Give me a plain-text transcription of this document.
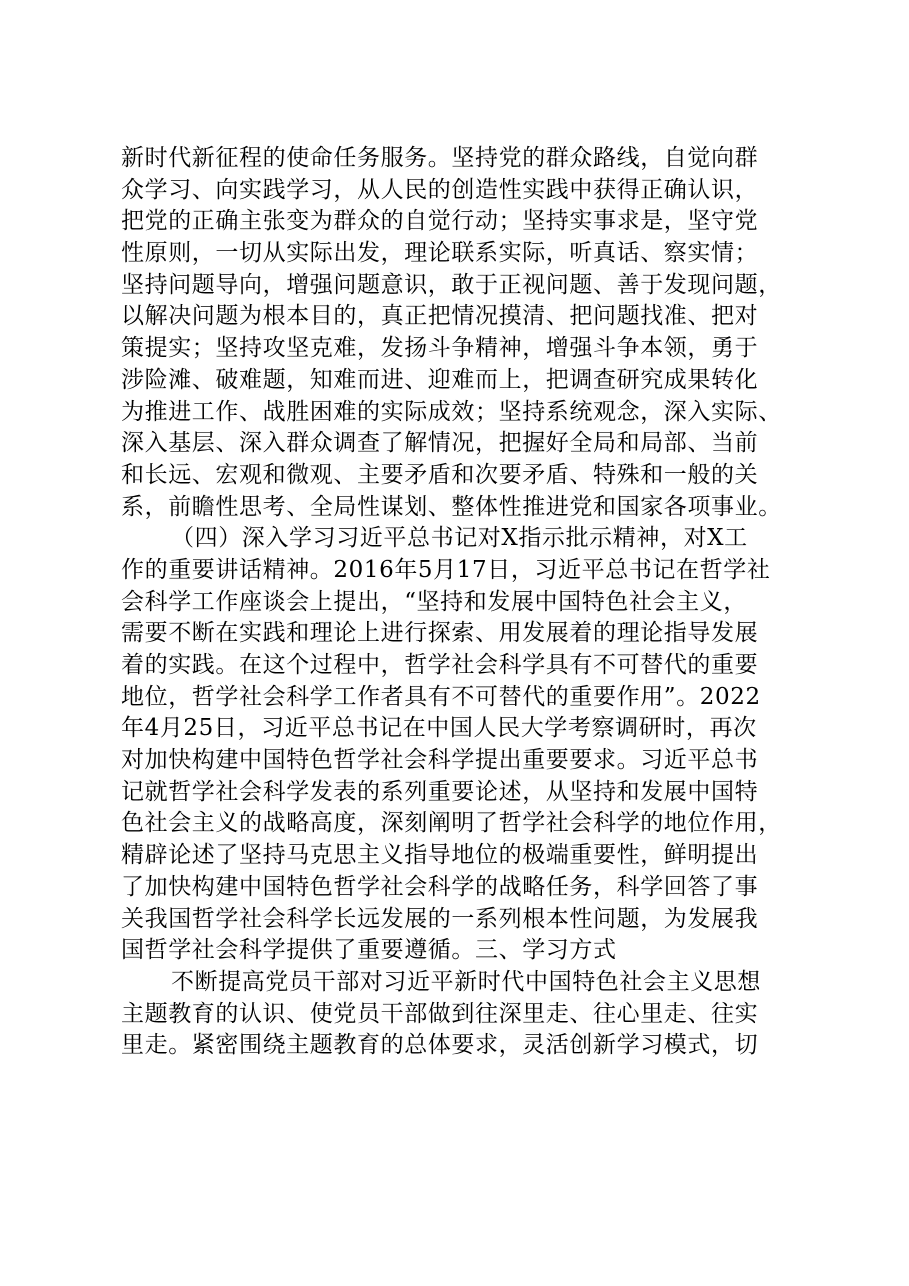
新时代新征程的使命任务服务。坚持党的群众路线，自觉向群
众学习、向实践学习，从人民的创造性实践中获得正确认识，
把党的正确主张变为群众的自觉行动；坚持实事求是，坚守党
性原则，一切从实际出发，理论联系实际，听真话、察实情；
坚持问题导向，增强问题意识，敢于正视问题、善于发现问题，
以解决问题为根本目的，真正把情况摸清、把问题找准、把对
策提实；坚持攻坚克难，发扬斗争精神，增强斗争本领，勇于
涉险滩、破难题，知难而进、迎难而上，把调查研究成果转化
为推进工作、战胜困难的实际成效；坚持系统观念，深入实际、
深入基层、深入群众调查了解情况，把握好全局和局部、当前
和长远、宏观和微观、主要矛盾和次要矛盾、特殊和一般的关
系，前瞻性思考、全局性谋划、整体性推进党和国家各项事业。
（四）深入学习习近平总书记对X指示批示精神，对X工
作的重要讲话精神。2016年5月17日，习近平总书记在哲学社
会科学工作座谈会上提出，“坚持和发展中国特色社会主义，
需要不断在实践和理论上进行探索、用发展着的理论指导发展
着的实践。在这个过程中，哲学社会科学具有不可替代的重要
地位，哲学社会科学工作者具有不可替代的重要作用”。2022
年4月25日，习近平总书记在中国人民大学考察调研时，再次
对加快构建中国特色哲学社会科学提出重要要求。习近平总书
记就哲学社会科学发表的系列重要论述，从坚持和发展中国特
色社会主义的战略高度，深刻阐明了哲学社会科学的地位作用，
精辟论述了坚持马克思主义指导地位的极端重要性，鲜明提出
了加快构建中国特色哲学社会科学的战略任务，科学回答了事
关我国哲学社会科学长远发展的一系列根本性问题，为发展我
国哲学社会科学提供了重要遵循。三、学习方式
不断提高党员干部对习近平新时代中国特色社会主义思想
主题教育的认识、使党员干部做到往深里走、往心里走、往实
里走。紧密围绕主题教育的总体要求，灵活创新学习模式，切
